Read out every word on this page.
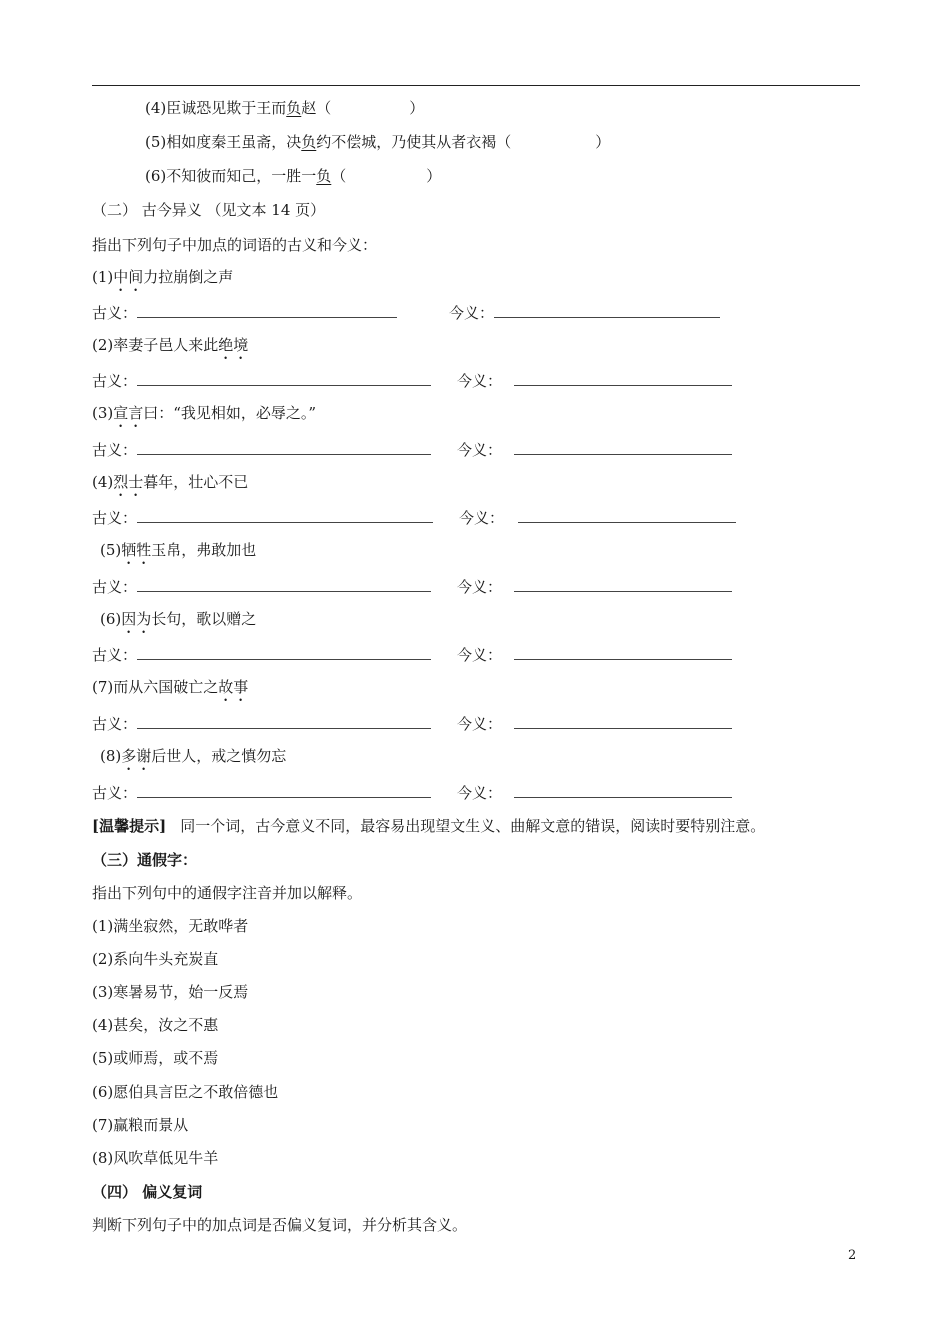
(4)臣诚恐见欺于王而负赵（	）
(5)相如度秦王虽斋，决负约不偿城，乃使其从者衣褐（	）
(6)不知彼而知己，一胜一负（	）
（二） 古今异义 （见文本 14 页）
指出下列句子中加点的词语的古义和今义：
(1)中间力拉崩倒之声
古义：	今义：
(2)率妻子邑人来此绝境
古义：	今义：
(3)宣言曰：“我见相如，必辱之。”
古义：	今义：
(4)烈士暮年，壮心不已
古义：	今义：
(5)牺牲玉帛，弗敢加也
古义：	今义：
(6)因为长句，歌以赠之
古义：	今义：
(7)而从六国破亡之故事
古义：	今义：
(8)多谢后世人，戒之慎勿忘
古义：	今义：
[温馨提示] 同一个词，古今意义不同，最容易出现望文生义、曲解文意的错误，阅读时要特别注意。
（三）通假字：
指出下列句中的通假字注音并加以解释。
(1)满坐寂然，无敢哗者
(2)系向牛头充炭直
(3)寒暑易节，始一反焉
(4)甚矣，汝之不惠
(5)或师焉，或不焉
(6)愿伯具言臣之不敢倍德也
(7)赢粮而景从
(8)风吹草低见牛羊
（四） 偏义复词
判断下列句子中的加点词是否偏义复词，并分析其含义。
2
